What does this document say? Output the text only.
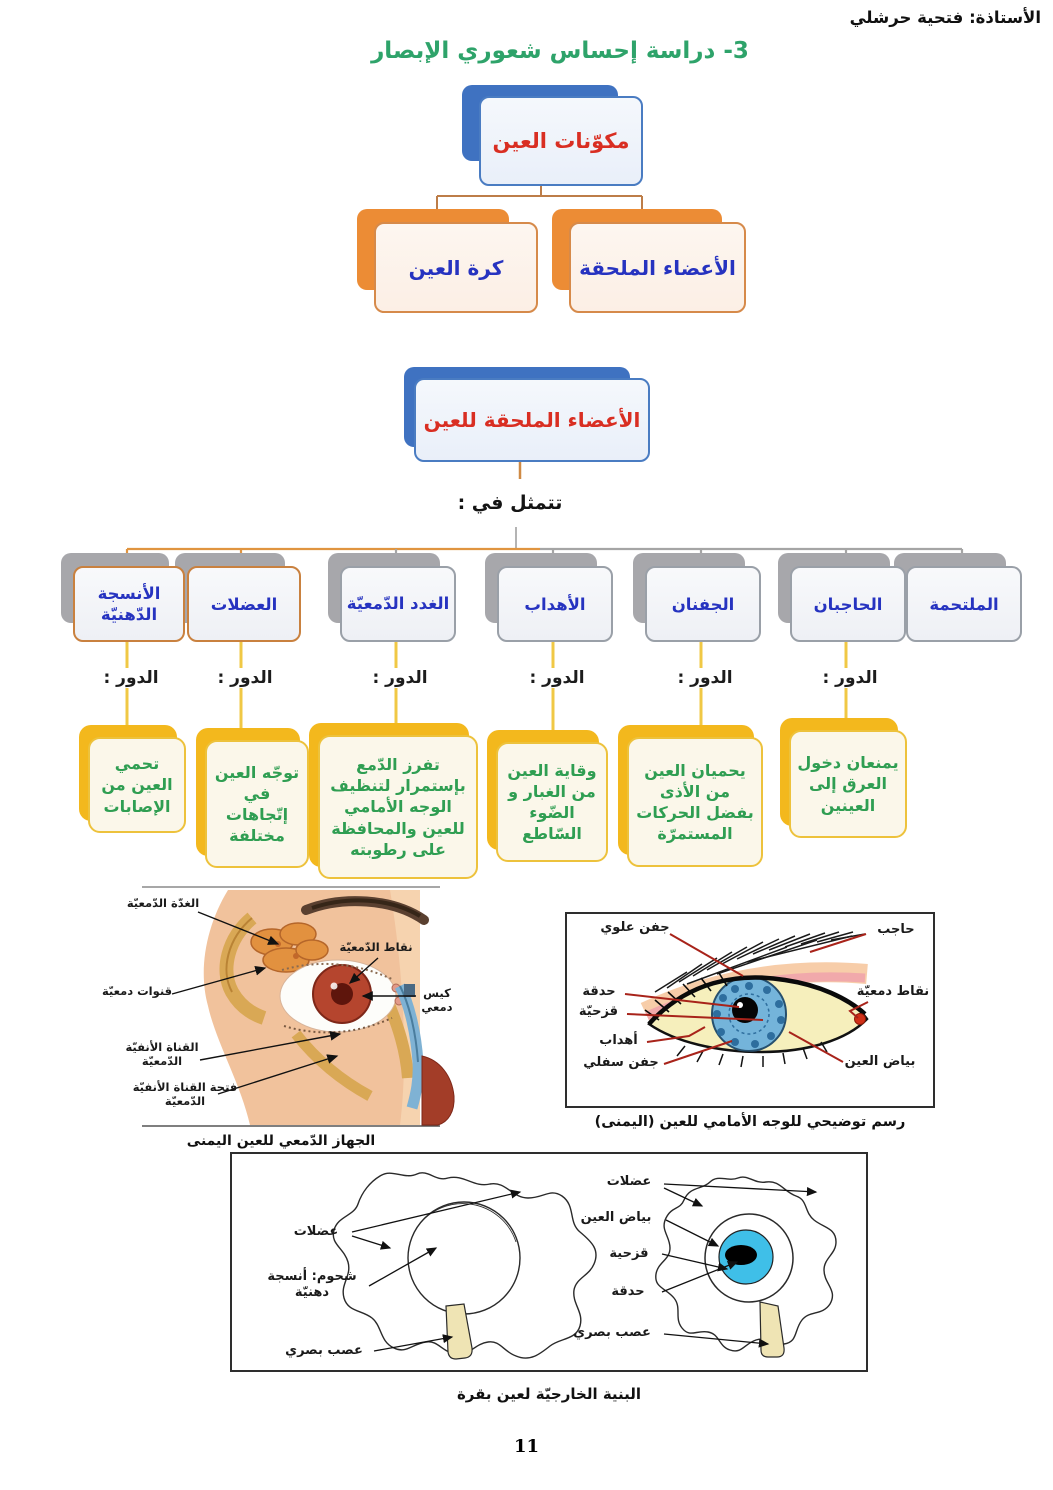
الأستاذة: فتحية حرشلي
3- دراسة إحساس شعوري الإبصار
مكوّنات العين
كرة العين	الأعضاء الملحقة
الأعضاء الملحقة للعين
تتمثل في :
الأنسجة الدّهنيّة
العضلات	الغدد الدّمعيّة	الأهداب	الجفنان	الحاجبان	الملتحمة
الدور :	الدور :	الدور :	الدور :	الدور :	الدور :
تحمي العين من الإصابات
توجّه العين في إتّجاهات مختلفة
تفرز الدّمع بإستمرار لتنظيف الوجه الأمامي للعين والمحافظة على رطوبته
وقاية العين من الغبار و الضّوء السّاطع
يحميان العين من الأذى بفضل الحركات المستمرّة
يمنعان دخول العرق إلى العينين
الغدّة الدّمعيّة
نقاط الدّمعيّة
قنوات دمعيّة	كيس دمعي
القناة الأنفيّة الدّمعيّة
فتحة القناة الأنفيّة الدّمعيّة
الجهاز الدّمعي للعين اليمنى
جفن علوي	حاجب
حدقة
قزحيّة
نقاط دمعيّة
أهداب
جفن سفلي	بياض العين
رسم توضيحي للوجه الأمامي للعين (اليمنى)
عضلات
شحوم: أنسجة دهنيّة
عصب بصري
عضلات
بياض العين
قزحية
حدقة
عصب بصري
البنية الخارجيّة لعين بقرة
11
